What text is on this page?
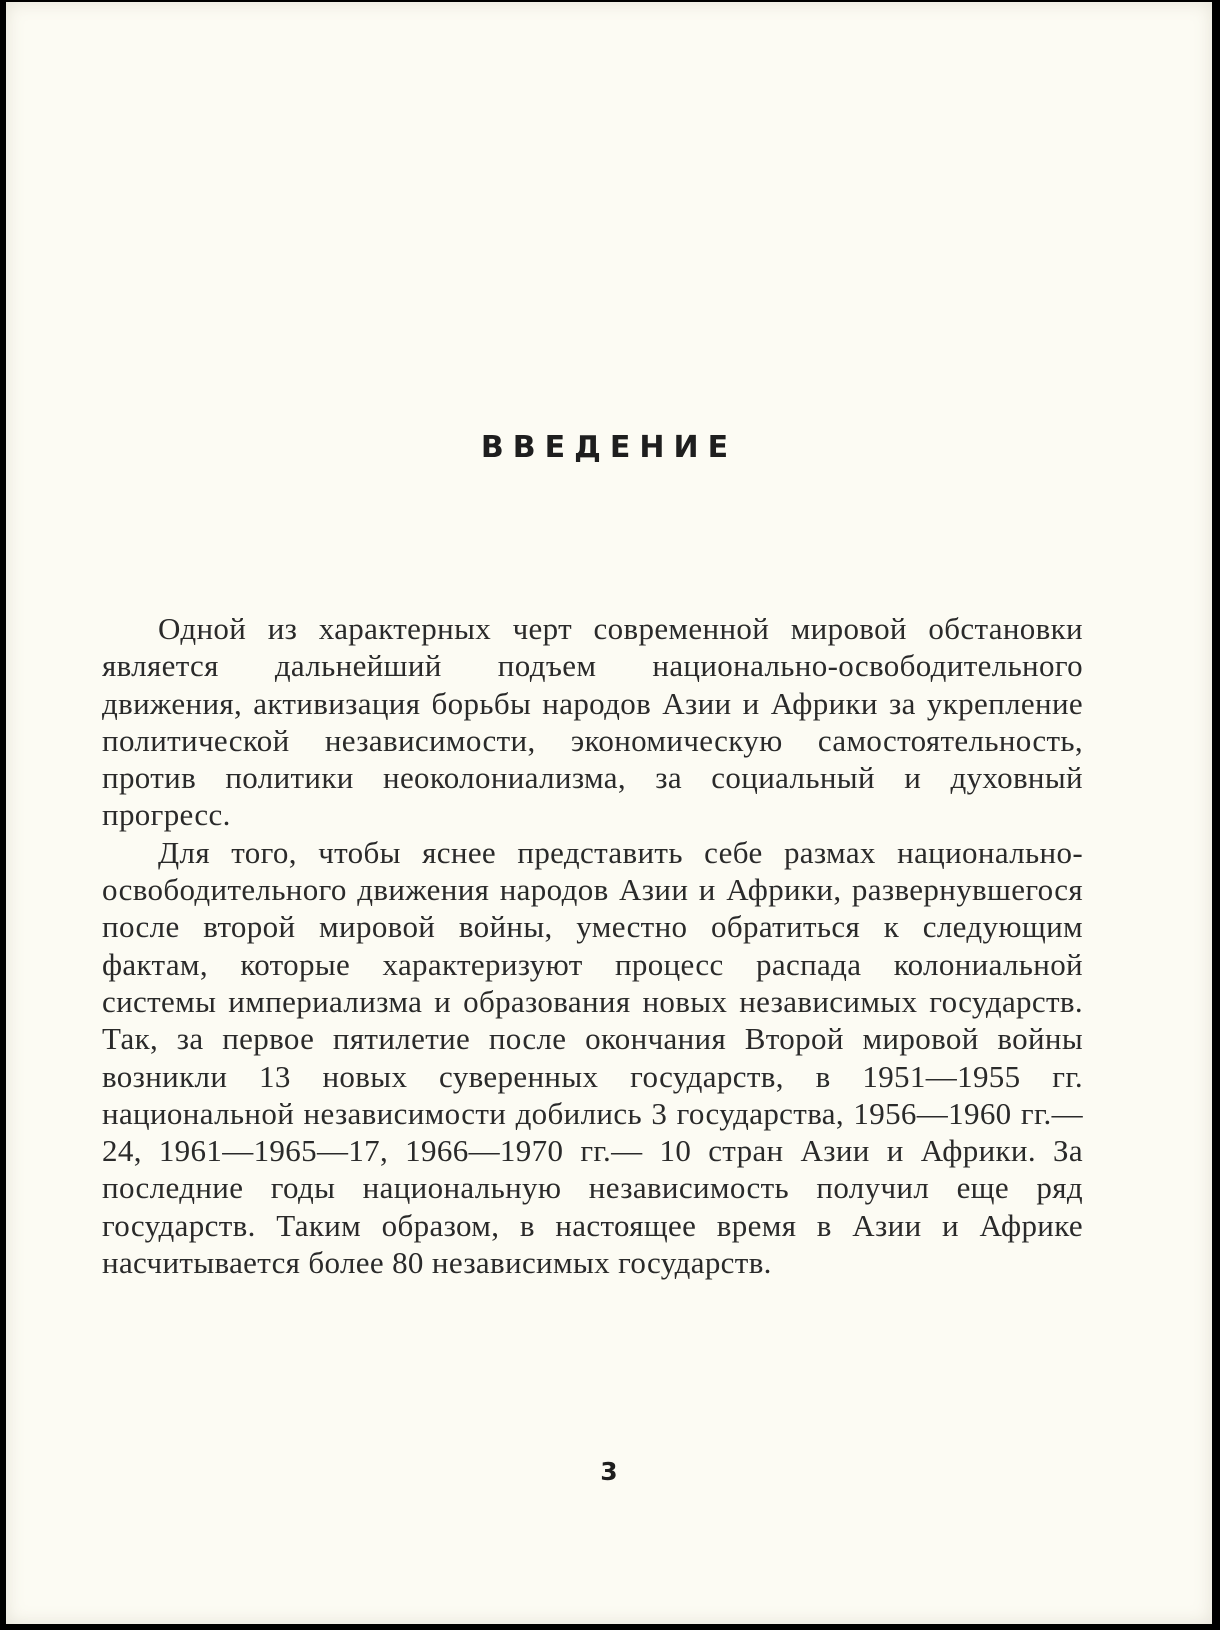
ВВЕДЕНИЕ

Одной из характерных черт современной мировой обстановки является дальнейший подъем национально-освободительного движения, активизация борьбы народов Азии и Африки за укрепление политической независимости, экономическую самостоятельность, против политики неоколониализма, за социальный и духовный прогресс.

Для того, чтобы яснее представить себе размах национально-освободительного движения народов Азии и Африки, развернувшегося после второй мировой войны, уместно обратиться к следующим фактам, которые характеризуют процесс распада колониальной системы империализма и образования новых независимых государств. Так, за первое пятилетие после окончания Второй мировой войны возникли 13 новых суверенных государств, в 1951—1955 гг. национальной независимости добились 3 государства, 1956—1960 гг.— 24, 1961—1965—17, 1966—1970 гг.— 10 стран Азии и Африки. За последние годы национальную независимость получил еще ряд государств. Таким образом, в настоящее время в Азии и Африке насчитывается более 80 независимых государств.

3
